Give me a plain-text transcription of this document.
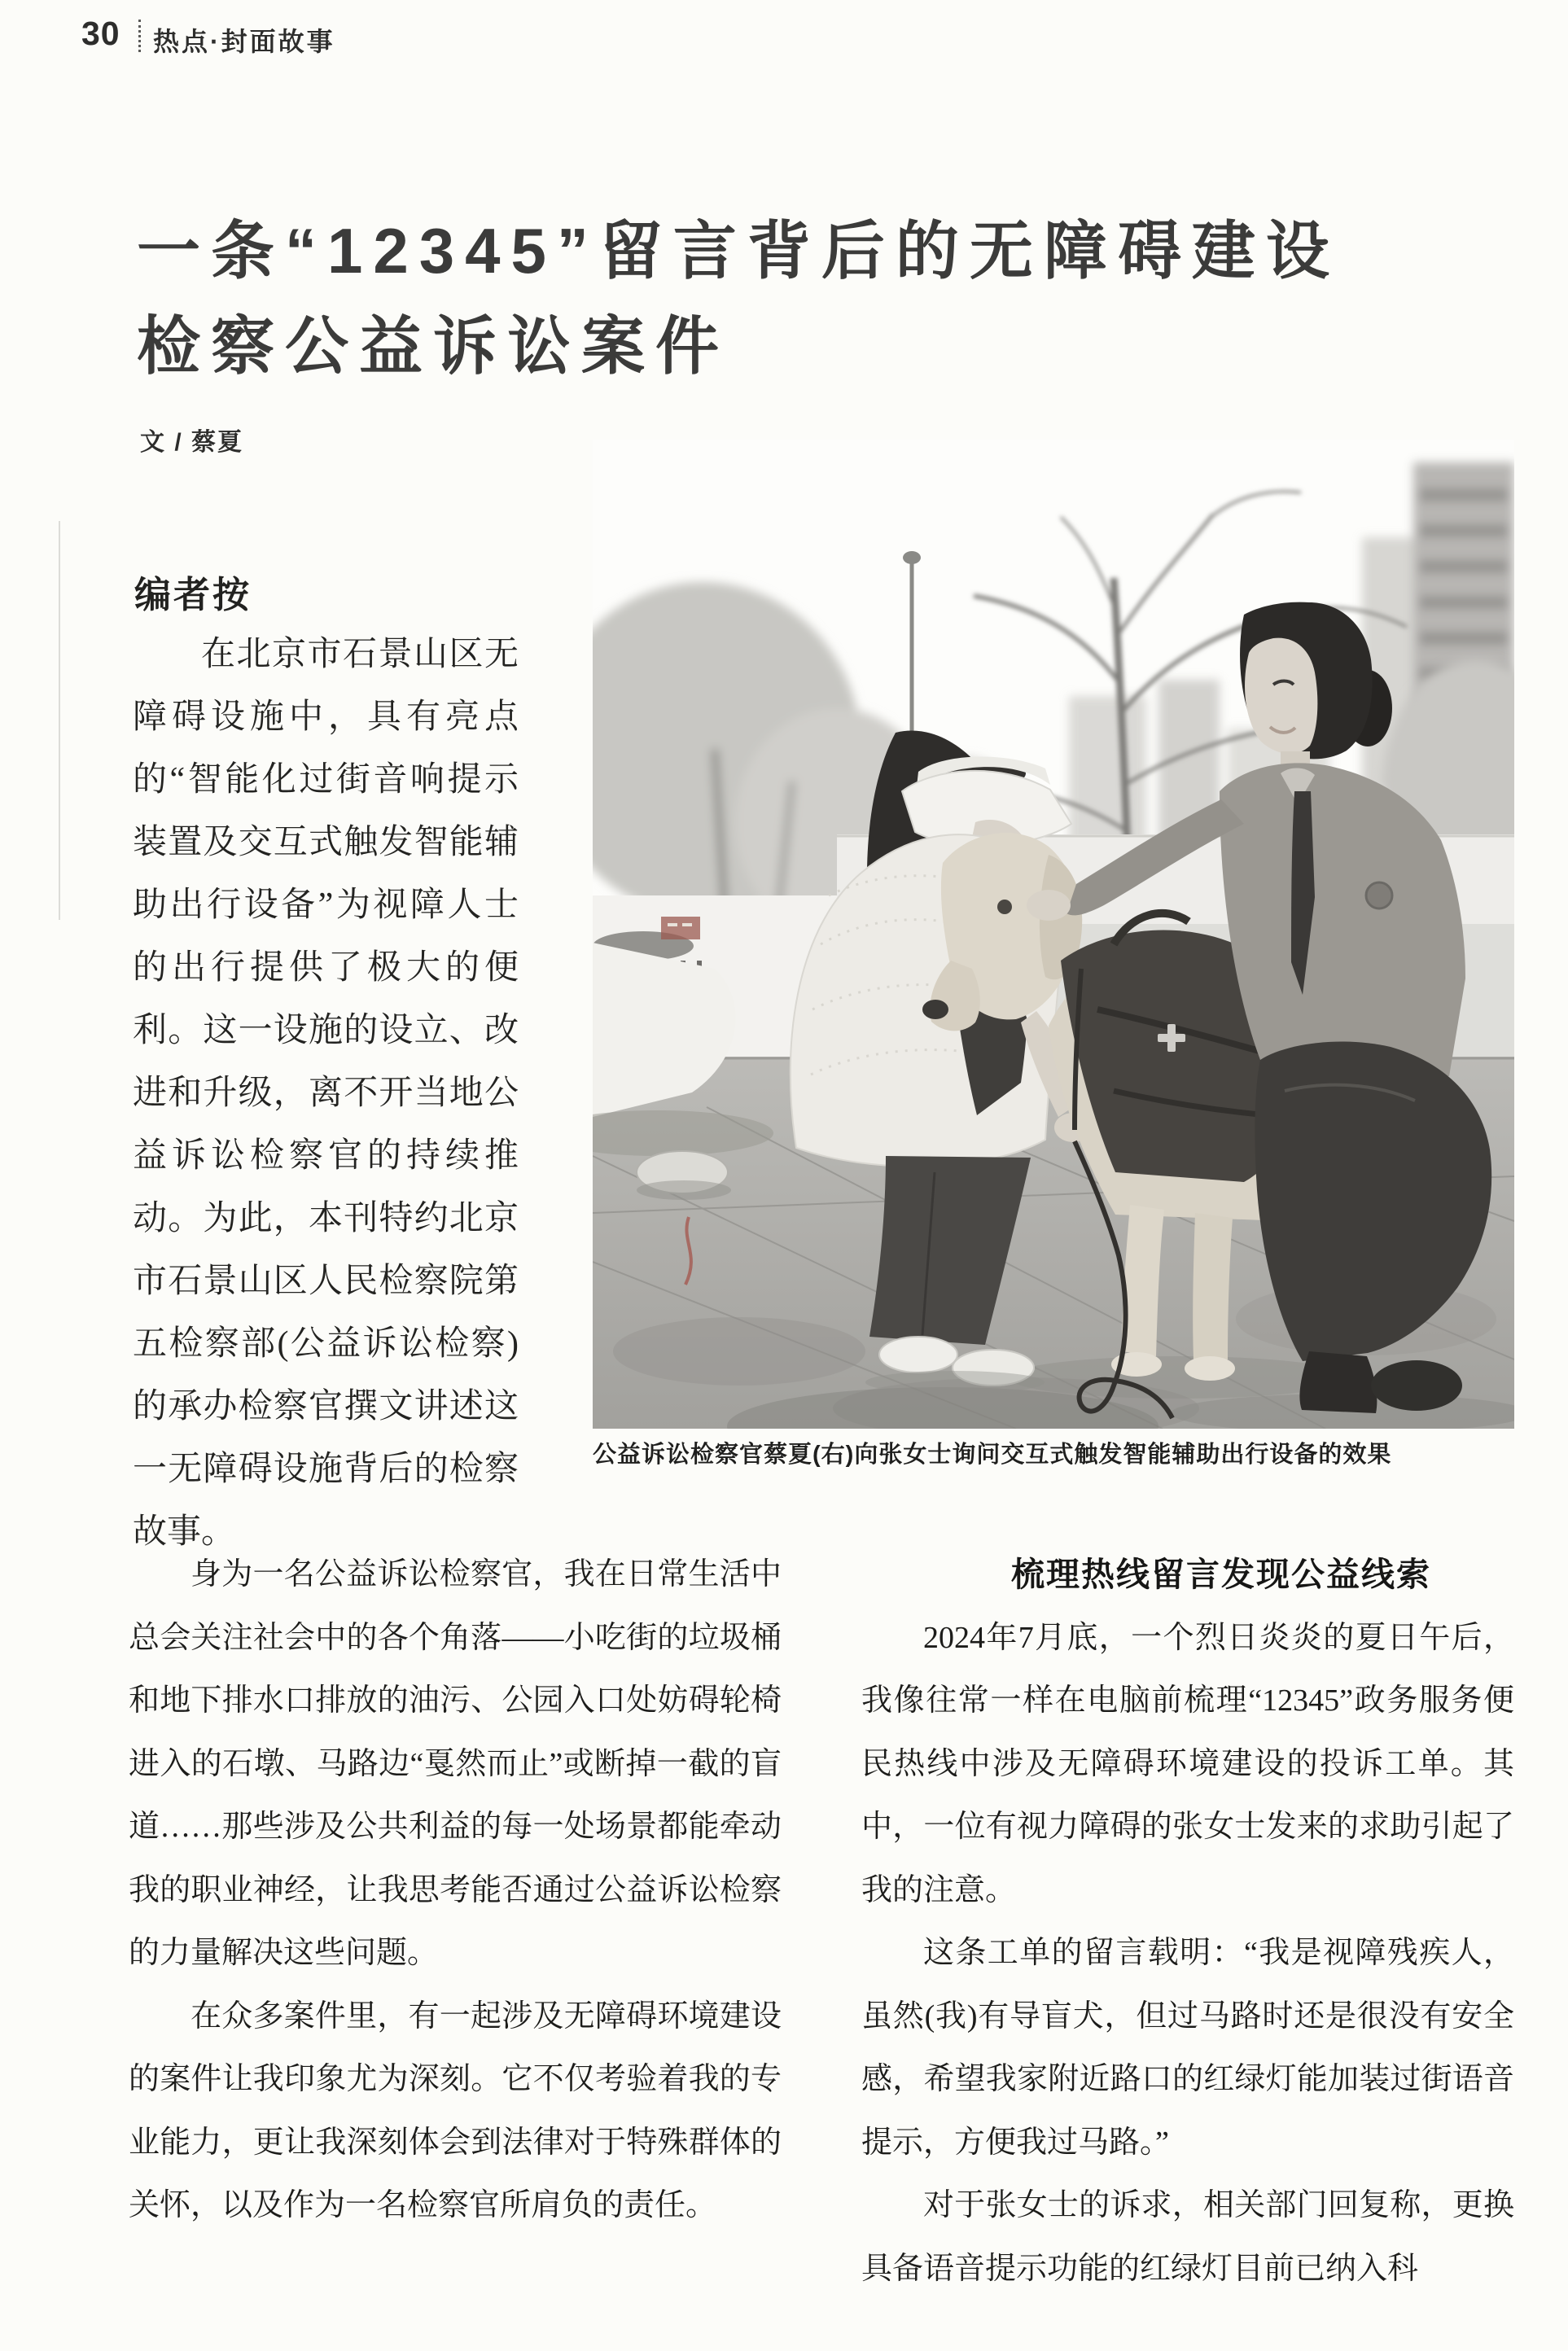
30 热点·封面故事
一条“12345”留言背后的无障碍建设
检察公益诉讼案件
文 / 蔡夏
编者按
在北京市石景山区无障碍设施中，具有亮点的“智能化过街音响提示装置及交互式触发智能辅助出行设备”为视障人士的出行提供了极大的便利。这一设施的设立、改进和升级，离不开当地公益诉讼检察官的持续推动。为此，本刊特约北京市石景山区人民检察院第五检察部(公益诉讼检察)的承办检察官撰文讲述这一无障碍设施背后的检察故事。
公益诉讼检察官蔡夏(右)向张女士询问交互式触发智能辅助出行设备的效果

身为一名公益诉讼检察官，我在日常生活中总会关注社会中的各个角落——小吃街的垃圾桶和地下排水口排放的油污、公园入口处妨碍轮椅进入的石墩、马路边“戛然而止”或断掉一截的盲道……那些涉及公共利益的每一处场景都能牵动我的职业神经，让我思考能否通过公益诉讼检察的力量解决这些问题。

在众多案件里，有一起涉及无障碍环境建设的案件让我印象尤为深刻。它不仅考验着我的专业能力，更让我深刻体会到法律对于特殊群体的关怀，以及作为一名检察官所肩负的责任。

梳理热线留言发现公益线索

2024年7月底，一个烈日炎炎的夏日午后，我像往常一样在电脑前梳理“12345”政务服务便民热线中涉及无障碍环境建设的投诉工单。其中，一位有视力障碍的张女士发来的求助引起了我的注意。

这条工单的留言载明：“我是视障残疾人，虽然(我)有导盲犬，但过马路时还是很没有安全感，希望我家附近路口的红绿灯能加装过街语音提示，方便我过马路。”

对于张女士的诉求，相关部门回复称，更换具备语音提示功能的红绿灯目前已纳入科
